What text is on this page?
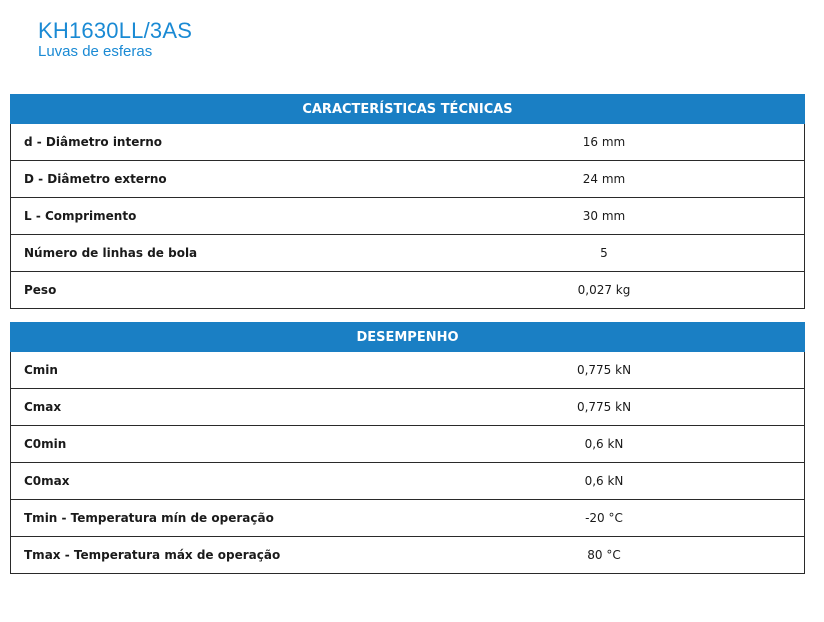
KH1630LL/3AS
Luvas de esferas
CARACTERÍSTICAS TÉCNICAS	
d - Diâmetro interno	16 mm
D - Diâmetro externo	24 mm
L - Comprimento	30 mm
Número de linhas de bola	5
Peso	0,027 kg
DESEMPENHO	
Cmin	0,775 kN
Cmax	0,775 kN
C0min	0,6 kN
C0max	0,6 kN
Tmin - Temperatura mín de operação	-20 °C
Tmax - Temperatura máx de operação	80 °C
